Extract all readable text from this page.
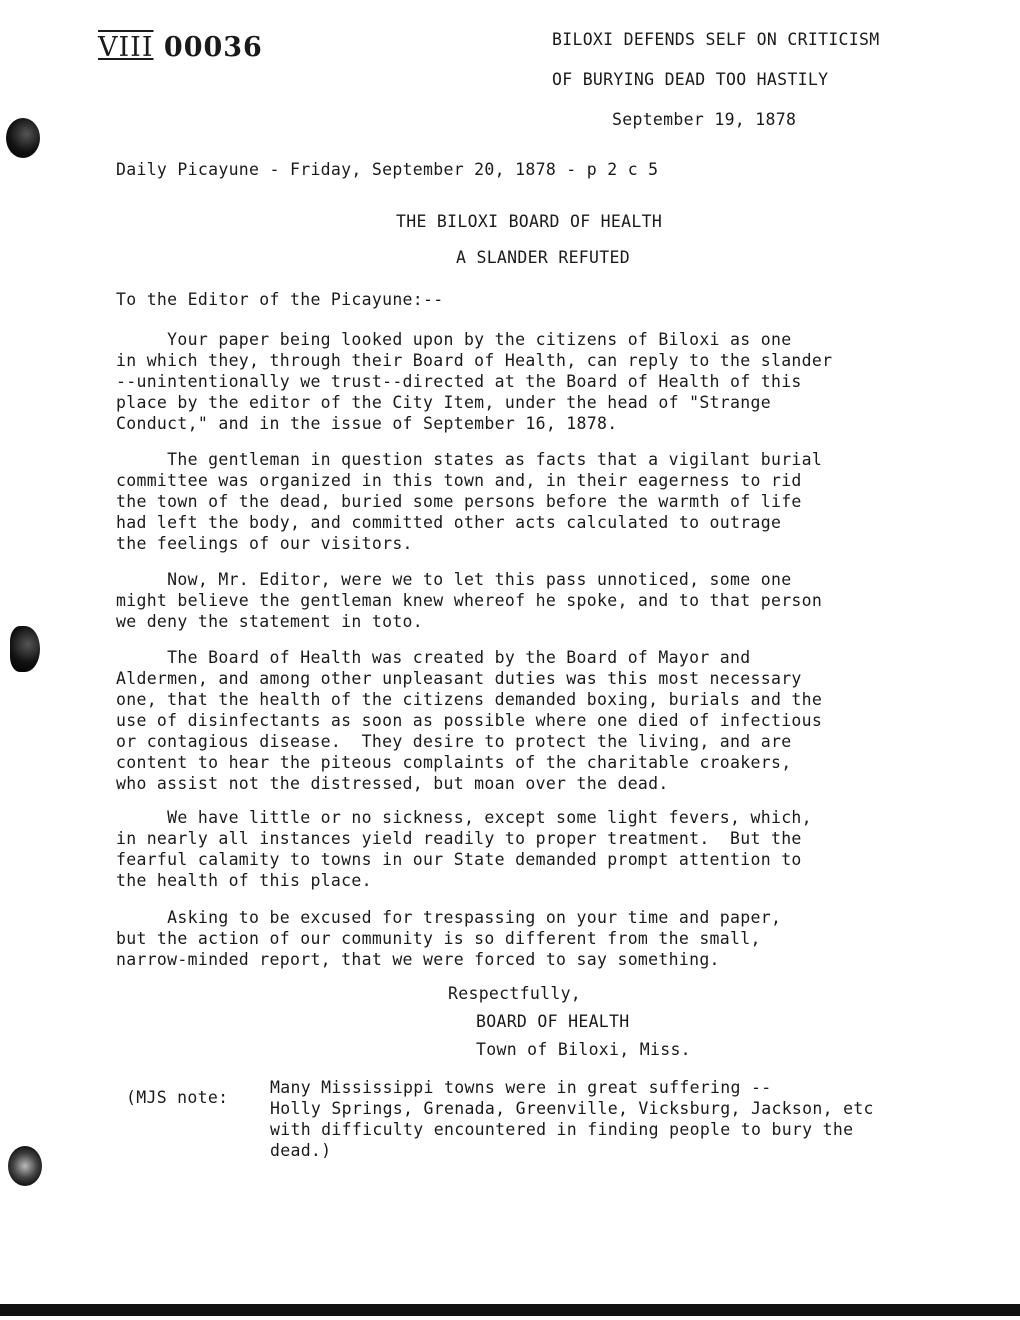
VIII 00036	BILOXI DEFENDS SELF ON CRITICISM
OF BURYING DEAD TOO HASTILY
September 19, 1878
Daily Picayune - Friday, September 20, 1878 - p 2 c 5
THE BILOXI BOARD OF HEALTH
A SLANDER REFUTED
To the Editor of the Picayune:--
Your paper being looked upon by the citizens of Biloxi as one
in which they, through their Board of Health, can reply to the slander
--unintentionally we trust--directed at the Board of Health of this
place by the editor of the City Item, under the head of "Strange
Conduct," and in the issue of September 16, 1878.
The gentleman in question states as facts that a vigilant burial
committee was organized in this town and, in their eagerness to rid
the town of the dead, buried some persons before the warmth of life
had left the body, and committed other acts calculated to outrage
the feelings of our visitors.
Now, Mr. Editor, were we to let this pass unnoticed, some one
might believe the gentleman knew whereof he spoke, and to that person
we deny the statement in toto.
The Board of Health was created by the Board of Mayor and
Aldermen, and among other unpleasant duties was this most necessary
one, that the health of the citizens demanded boxing, burials and the
use of disinfectants as soon as possible where one died of infectious
or contagious disease.  They desire to protect the living, and are
content to hear the piteous complaints of the charitable croakers,
who assist not the distressed, but moan over the dead.
We have little or no sickness, except some light fevers, which,
in nearly all instances yield readily to proper treatment.  But the
fearful calamity to towns in our State demanded prompt attention to
the health of this place.
Asking to be excused for trespassing on your time and paper,
but the action of our community is so different from the small,
narrow-minded report, that we were forced to say something.
Respectfully,
BOARD OF HEALTH
Town of Biloxi, Miss.
(MJS note:
Many Mississippi towns were in great suffering --
Holly Springs, Grenada, Greenville, Vicksburg, Jackson, etc
with difficulty encountered in finding people to bury the
dead.)
